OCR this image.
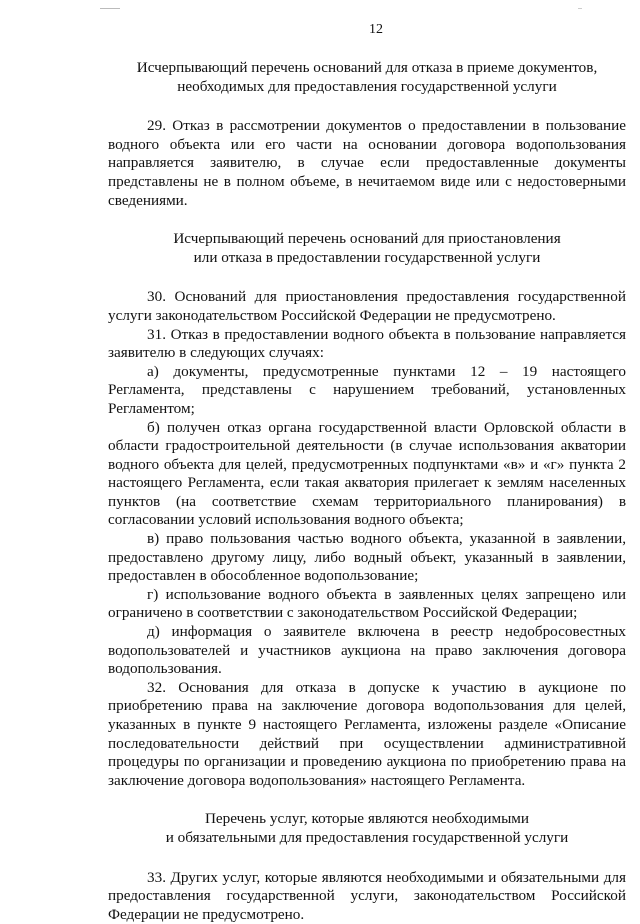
12
Исчерпывающий перечень оснований для отказа в приеме документов,
необходимых для предоставления государственной услуги

29. Отказ в рассмотрении документов о предоставлении в пользование водного объекта или его части на основании договора водопользования направляется заявителю, в случае если предоставленные документы представлены не в полном объеме, в нечитаемом виде или с недостоверными сведениями.

Исчерпывающий перечень оснований для приостановления
или отказа в предоставлении государственной услуги

30. Оснований для приостановления предоставления государственной услуги законодательством Российской Федерации не предусмотрено.

31. Отказ в предоставлении водного объекта в пользование направляется заявителю в следующих случаях:

а) документы, предусмотренные пунктами 12 – 19 настоящего Регламента, представлены с нарушением требований, установленных Регламентом;

б) получен отказ органа государственной власти Орловской области в области градостроительной деятельности (в случае использования акватории водного объекта для целей, предусмотренных подпунктами «в» и «г» пункта 2 настоящего Регламента, если такая акватория прилегает к землям населенных пунктов (на соответствие схемам территориального планирования) в согласовании условий использования водного объекта;

в) право пользования частью водного объекта, указанной в заявлении, предоставлено другому лицу, либо водный объект, указанный в заявлении, предоставлен в обособленное водопользование;

г) использование водного объекта в заявленных целях запрещено или ограничено в соответствии с законодательством Российской Федерации;

д) информация о заявителе включена в реестр недобросовестных водопользователей и участников аукциона на право заключения договора водопользования.

32. Основания для отказа в допуске к участию в аукционе по приобретению права на заключение договора водопользования для целей, указанных в пункте 9 настоящего Регламента, изложены разделе «Описание последовательности действий при осуществлении административной процедуры по организации и проведению аукциона по приобретению права на заключение договора водопользования» настоящего Регламента.

Перечень услуг, которые являются необходимыми
и обязательными для предоставления государственной услуги

33. Других услуг, которые являются необходимыми и обязательными для предоставления государственной услуги, законодательством Российской Федерации не предусмотрено.
